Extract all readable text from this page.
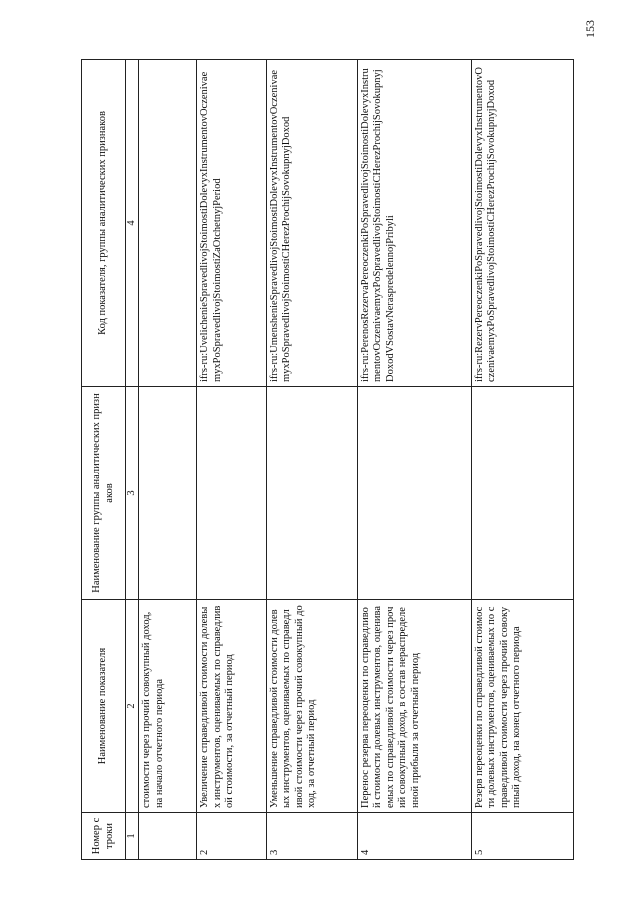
153
Номер строки	Наименование показателя	Наименование группы аналитических признаков	Код показателя, группы аналитических признаков
1	2	3	4
	стоимости через прочий совокупный доход, на начало отчетного периода		
2	Увеличение справедливой стоимости долевых инструментов, оцениваемых по справедливой стоимости, за отчетный период		ifrs-ru:UvelichenieSpravedlivojStoimostiDolevyxInstrumentovOczenivaemyxPoSpravedlivojStoimostiZaOtchetnyjPeriod
3	Уменьшение справедливой стоимости долевых инструментов, оцениваемых по справедливой стоимости через прочий совокупный доход, за отчетный период		ifrs-ru:UmenshenieSpravedlivojStoimostiDolevyxInstrumentovOczenivaemyxPoSpravedlivojStoimostiCHerezProchijSovokupnyjDoxod
4	Перенос резерва переоценки по справедливой стоимости долевых инструментов, оцениваемых по справедливой стоимости через прочий совокупный доход, в состав нераспределенной прибыли за отчетный период		ifrs-ru:PerenosRezervaPereoczenkiPoSpravedlivojStoimostiDolevyxInstrumentovOczenivaemyxPoSpravedlivojStoimostiCHerezProchijSovokupnyjDoxodVSostavNeraspredelennojPribyli
5	Резерв переоценки по справедливой стоимости долевых инструментов, оцениваемых по справедливой стоимости через прочий совокупный доход, на конец отчетного периода		ifrs-ru:RezervPereoczenkiPoSpravedlivojStoimostiDolevyxInstrumentovOczenivaemyxPoSpravedlivojStoimostiCHerezProchijSovokupnyjDoxod
